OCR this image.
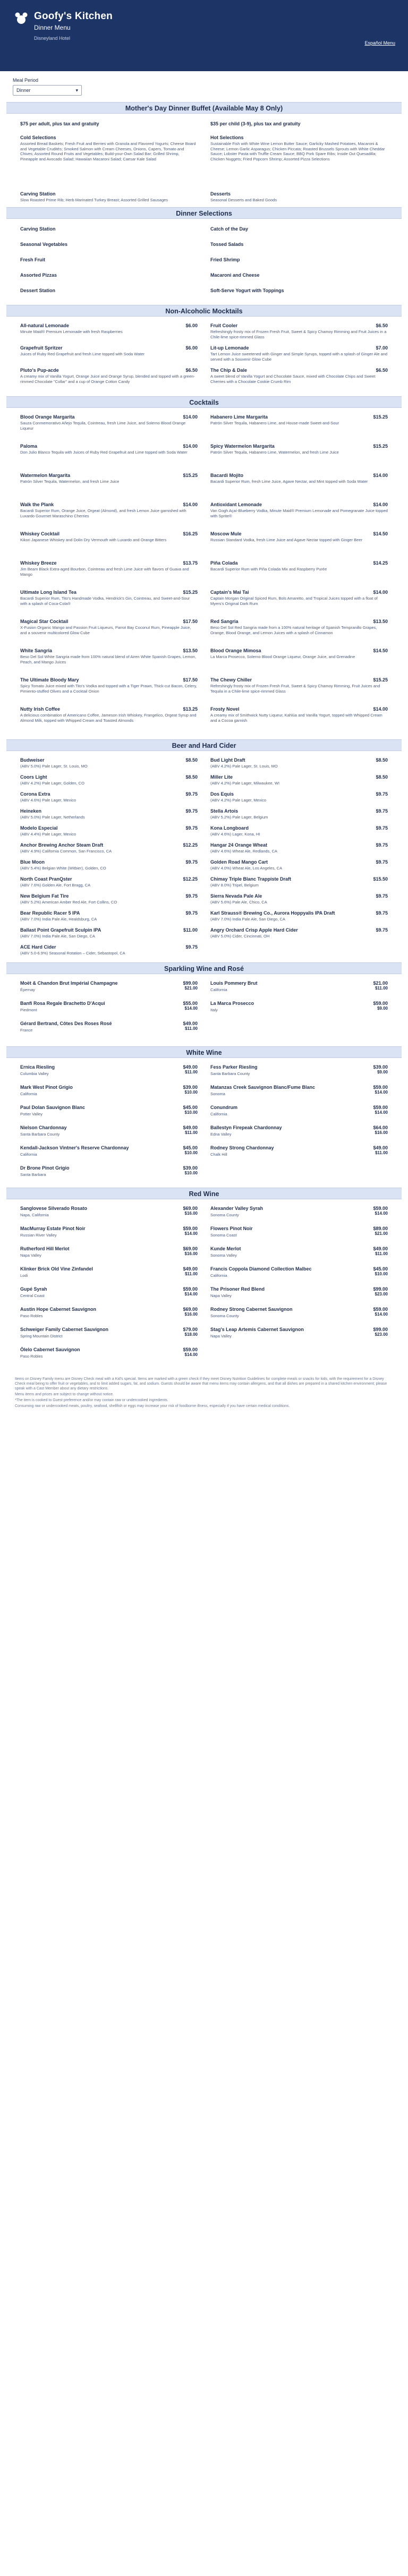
Goofy's Kitchen
Dinner Menu
Disneyland Hotel
Español Menu
Meal Period
Dinner	▾
Mother's Day Dinner Buffet (Available May 8 Only)
$75 per adult, plus tax and gratuity	$35 per child (3-9), plus tax and gratuity
Cold Selections
Assorted Bread Baskets; Fresh Fruit and Berries with Granola and Flavored Yogurts; Cheese Board and Vegetable Crudités; Smoked Salmon with Cream Cheeses, Onions, Capers, Tomato and Chives; Assorted Round Fruits and Vegetables; Build-your-Own Salad Bar; Grilled Shrimp, Pineapple and Avocado Salad; Hawaiian Macaroni Salad; Caesar Kale Salad
Hot Selections
Sustainable Fish with White Wine Lemon Butter Sauce; Garlicky Mashed Potatoes, Macaroni & Cheese; Lemon Garlic Asparagus; Chicken Piccata; Roasted Brussels Sprouts with White Cheddar Sauce; Lobster Pasta with Truffle Cream Sauce; BBQ Pork Spare Ribs; Inside Out Quesadilla; Chicken Nuggets; Fried Popcorn Shrimp; Assorted Pizza Selections
Carving Station
Slow Roasted Prime Rib; Herb Marinated Turkey Breast; Assorted Grilled Sausages
Desserts
Seasonal Desserts and Baked Goods
Dinner Selections
Carving Station	Catch of the Day
Seasonal Vegetables	Tossed Salads
Fresh Fruit	Fried Shrimp
Assorted Pizzas	Macaroni and Cheese
Dessert Station	Soft-Serve Yogurt with Toppings
Non-Alcoholic Mocktails
All-natural Lemonade	$6.00
Minute Maid® Premium Lemonade with fresh Raspberries
Fruit Cooler	$6.50
Refreshingly frosty mix of Frozen Fresh Fruit, Sweet & Spicy Chamoy Rimming and Fruit Juices in a Chile-lime spice-rimmed Glass
Grapefruit Spritzer	$6.00
Juices of Ruby Red Grapefruit and fresh Lime topped with Soda Water
Lit-up Lemonade	$7.00
Tart Lemon Juice sweetened with Ginger and Simple Syrups, topped with a splash of Ginger Ale and served with a Souvenir Glow Cube
Pluto's Pup-acde	$6.50
A creamy mix of Vanilla Yogurt, Orange Juice and Orange Syrup, blended and topped with a green-rimmed Chocolate "Collar" and a cup of Orange Cotton Candy
The Chip & Dale	$6.50
A sweet blend of Vanilla Yogurt and Chocolate Sauce, mixed with Chocolate Chips and Sweet Cherries with a Chocolate Cookie Crumb Rim
Cocktails
Blood Orange Margarita	$14.00
Sauza Conmemorativo Añejo Tequila, Cointreau, fresh Lime Juice, and Solerno Blood Orange Liqueur
Habanero Lime Margarita	$15.25
Patrón Silver Tequila, Habanero Lime, and House-made Sweet-and-Sour
Paloma	$14.00
Don Julio Blanco Tequila with Juices of Ruby Red Grapefruit and Lime topped with Soda Water
Spicy Watermelon Margarita	$15.25
Patrón Silver Tequila, Habanero Lime, Watermelon, and fresh Lime Juice
Watermelon Margarita	$15.25
Patrón Silver Tequila, Watermelon, and fresh Lime Juice
Bacardi Mojito	$14.00
Bacardi Superior Rum, fresh Lime Juice, Agave Nectar, and Mint topped with Soda Water
Walk the Plank	$14.00
Bacardi Superior Rum, Orange Juice, Orgeat (Almond), and fresh Lemon Juice garnished with Luxardo Gourmet Maraschino Cherries
Antioxidant Lemonade	$14.00
Van Gogh Açaí-Blueberry Vodka, Minute Maid® Premium Lemonade and Pomegranate Juice topped with Sprite®
Whiskey Cocktail	$16.25
Kikori Japanese Whiskey and Dolin Dry Vermouth with Luxardo and Orange Bitters
Moscow Mule	$14.50
Russian Standard Vodka, fresh Lime Juice and Agave Nectar topped with Ginger Beer
Whiskey Breeze	$13.75
Jim Beam Black Extra-aged Bourbon, Cointreau and fresh Lime Juice with flavors of Guava and Mango
Piña Colada	$14.25
Bacardi Superior Rum with Piña Colada Mix and Raspberry Purée
Ultimate Long Island Tea	$15.25
Bacardi Superior Rum, Tito's Handmade Vodka, Hendrick's Gin, Cointreau, and Sweet-and-Sour with a splash of Coca-Cola®
Captain's Mai Tai	$14.00
Captain Morgan Original Spiced Rum, Bols Amaretto, and Tropical Juices topped with a float of Myers's Original Dark Rum
Magical Star Cocktail	$17.50
X-Fusion Organic Mango and Passion Fruit Liqueurs, Parrot Bay Coconut Rum, Pineapple Juice, and a souvenir multicolored Glow Cube
Red Sangria	$13.50
Beso Del Sol Red Sangria made from a 100% natural heritage of Spanish Tempranillo Grapes, Orange, Blood Orange, and Lemon Juices with a splash of Cinnamon
White Sangria	$13.50
Beso Del Sol White Sangria made from 100% natural blend of Airen White Spanish Grapes, Lemon, Peach, and Mango Juices
Blood Orange Mimosa	$14.50
La Marca Prosecco, Solerno Blood Orange Liqueur, Orange Juice, and Grenadine
The Ultimate Bloody Mary	$17.50
Spicy Tomato Juice mixed with Tito's Vodka and topped with a Tiger Prawn, Thick-cut Bacon, Celery, Pimiento-stuffed Olives and a Cocktail Onion
The Chewy Chiller	$15.25
Refreshingly frosty mix of Frozen Fresh Fruit, Sweet & Spicy Chamoy Rimming, Fruit Juices and Tequila in a Chile-lime spice-rimmed Glass
Nutty Irish Coffee	$13.25
A delicious combination of Americano Coffee, Jameson Irish Whiskey, Frangelico, Orgeat Syrup and Almond Milk, topped with Whipped Cream and Toasted Almonds
Frosty Novel	$14.00
A creamy mix of Smithwick Nutty Liqueur, Kahlúa and Vanilla Yogurt, topped with Whipped Cream and a Cocoa garnish
Beer and Hard Cider
Budweiser	$8.50
(ABV 5.0%) Pale Lager, St. Louis, MO
Bud Light Draft	$8.50
(ABV 4.2%) Pale Lager, St. Louis, MO
Coors Light	$8.50
(ABV 4.2%) Pale Lager, Golden, CO
Miller Lite	$8.50
(ABV 4.2%) Pale Lager, Milwaukee, WI
Corona Extra	$9.75
(ABV 4.6%) Pale Lager, Mexico
Dos Equis	$9.75
(ABV 4.2%) Pale Lager, Mexico
Heineken	$9.75
(ABV 5.0%) Pale Lager, Netherlands
Stella Artois	$9.75
(ABV 5.2%) Pale Lager, Belgium
Modelo Especial	$9.75
(ABV 4.4%) Pale Lager, Mexico
Kona Longboard	$9.75
(ABV 4.6%) Lager, Kona, HI
Anchor Brewing Anchor Steam Draft	$12.25
(ABV 4.9%) California Common, San Francisco, CA
Hangar 24 Orange Wheat	$9.75
(ABV 4.6%) Wheat Ale, Redlands, CA
Blue Moon	$9.75
(ABV 5.4%) Belgian White (Witbier), Golden, CO
Golden Road Mango Cart	$9.75
(ABV 4.0%) Wheat Ale, Los Angeles, CA
North Coast PranQster	$12.25
(ABV 7.6%) Golden Ale, Fort Bragg, CA
Chimay Triple Blanc Trappiste Draft	$15.50
(ABV 8.0%) Tripel, Belgium
New Belgium Fat Tire	$9.75
(ABV 5.2%) American Amber Red Ale, Fort Collins, CO
Sierra Nevada Pale Ale	$9.75
(ABV 5.6%) Pale Ale, Chico, CA
Bear Republic Racer 5 IPA	$9.75
(ABV 7.0%) India Pale Ale, Healdsburg, CA
Karl Strauss® Brewing Co., Aurora Hoppyalis IPA Draft	$9.75
(ABV 7.0%) India Pale Ale, San Diego, CA
Ballast Point Grapefruit Sculpin IPA	$11.00
(ABV 7.0%) India Pale Ale, San Diego, CA
Angry Orchard Crisp Apple Hard Cider	$9.75
(ABV 5.0%) Cider, Cincinnati, OH
ACE Hard Cider	$9.75
(ABV 5.0-6.9%) Seasonal Rotation – Cider, Sebastopol, CA
Sparkling Wine and Rosé
Moët & Chandon Brut Impérial Champagne	$99.00
Épernay	$21.00
Louis Pommery Brut	$21.00
California	$11.00
Banfi Rosa Regale Brachetto D'Acqui	$55.00
Piedmont	$14.00
La Marca Prosecco	$59.00
Italy	$9.00
Gérard Bertrand, Côtes Des Roses Rosé	$49.00
France	$11.00
White Wine
Ernica Riesling	$49.00
Columbia Valley	$11.00
Fess Parker Riesling	$39.00
Santa Barbara County	$9.00
Mark West Pinot Grigio	$39.00
California	$10.00
Matanzas Creek Sauvignon Blanc/Fume Blanc	$59.00
Sonoma	$14.00
Paul Dolan Sauvignon Blanc	$45.00
Potter Valley	$10.00
Conundrum	$59.00
California	$14.00
Nielson Chardonnay	$49.00
Santa Barbara County	$11.00
Ballestyn Firepeak Chardonnay	$64.00
Edna Valley	$16.00
Kendall-Jackson Vintner's Reserve Chardonnay	$45.00
California	$10.00
Rodney Strong Chardonnay	$49.00
Chalk Hill	$11.00
Dr Brone Pinot Grigio	$39.00
Santa Barbara	$10.00
Red Wine
Sanglovese Silverado Rosato	$69.00
Napa, California	$16.00
Alexander Valley Syrah	$59.00
Sonoma County	$14.00
MacMurray Estate Pinot Noir	$59.00
Russian River Valley	$14.00
Flowers Pinot Noir	$89.00
Sonoma Coast	$21.00
Rutherford Hill Merlot	$69.00
Napa Valley	$16.00
Kunde Merlot	$49.00
Sonoma Valley	$11.00
Klinker Brick Old Vine Zinfandel	$49.00
Lodi	$11.00
Francis Coppola Diamond Collection Malbec	$45.00
California	$10.00
Gupé Syrah	$59.00
Central Coast	$14.00
The Prisoner Red Blend	$99.00
Napa Valley	$23.00
Austin Hope Cabernet Sauvignon	$69.00
Paso Robles	$16.00
Rodney Strong Cabernet Sauvignon	$59.00
Sonoma County	$14.00
Schweiger Family Cabernet Sauvignon	$79.00
Spring Mountain District	$18.00
Stag's Leap Artemis Cabernet Sauvignon	$99.00
Napa Valley	$23.00
Ôlelo Cabernet Sauvignon	$59.00
Paso Robles	$14.00

Items on Disney Family menu are Disney Check meal with a Kid's special. Items are marked with a green check if they meet Disney Nutrition Guidelines for complete meals or snacks for kids, with the requirement for a Disney Check meal being to offer fruit or vegetables, and to limit added sugars, fat, and sodium. Guests should be aware that menu items may contain allergens, and that all dishes are prepared in a shared kitchen environment; please speak with a Cast Member about any dietary restrictions.

Menu items and prices are subject to change without notice.

*The item is cooked to Guest preference and/or may contain raw or undercooked ingredients.

Consuming raw or undercooked meats, poultry, seafood, shellfish or eggs may increase your risk of foodborne illness, especially if you have certain medical conditions.
